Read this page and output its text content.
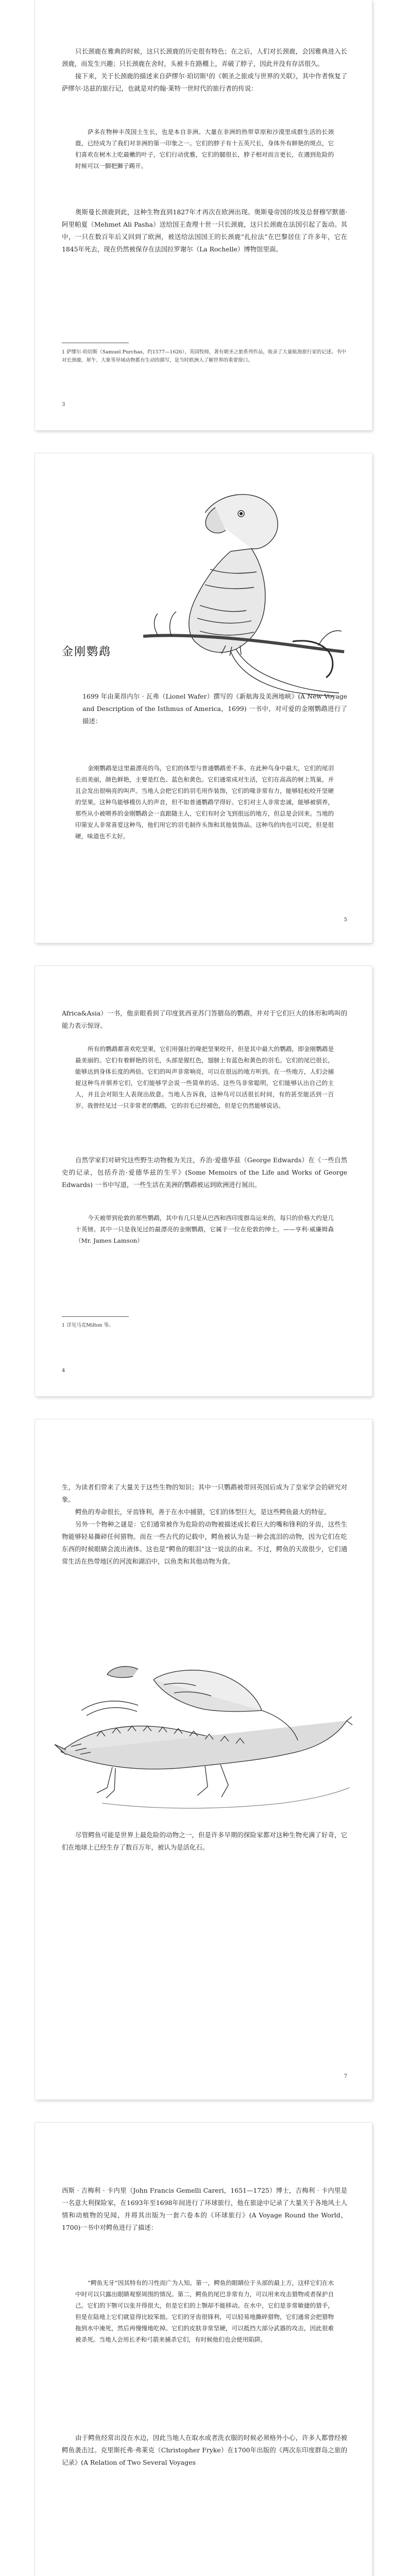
只长颈鹿在雅典的时候，这只长颈鹿的历史很有特色；在之后，人们对长颈鹿，会因雅典进入长颈鹿，而发生兴趣；只长颈鹿在舍时，头被卡在路棚上，弄破了脖子，因此并没有存活很久。

接下来，关于长颈鹿的描述来自萨缪尔·珀切斯¹的《朝圣之旅或与世界的关联》，其中作者恢复了萨缪尔·达兹的旅行记，也就是对约翰·莱特一世时代的旅行者的传说：

萨多在物种丰茂国土生长，也是本自非洲。大量在非洲的热带草原和沙漠里成群生活的长颈鹿，已经成为了我们对非洲的第一印象之一。它们的脖子有十五英尺长，身体外有鲜艳的斑点，它们喜欢在树木上吃最嫩的叶子，它们行动优雅，它们的腿很长，脖子相对而言更长，在遇到危险的时候可以一脚把狮子踢开。

奥斯曼长颈鹿到此，这种生物直到1827年才再次在欧洲出现。奥斯曼帝国的埃及总督穆罕默德·阿里帕夏（Mehmet Ali Pasha）送给国王查理十世一只长颈鹿，这只长颈鹿在法国引起了轰动。其中，一只在数百年后又回到了欧洲，被送给法国国王的长颈鹿“扎拉法”在巴黎居住了许多年，它在1845年死去，现在仍然被保存在法国拉罗谢尔（La Rochelle）博物馆里面。

1 萨缪尔·珀切斯（Samuel Purchas，约1577—1626），英国牧师，著有朝圣之旅系列作品，收录了大量航海旅行家的记述。书中对长颈鹿、犀牛、大象等异域动物都有生动的描写，是当时欧洲人了解世界的重要窗口。

3
金刚鹦鹉

1699 年由莱昂内尔 · 瓦弗（Lionel Wafer）撰写的《新航海及美洲地峡》(A New Voyage and Description of the Isthmus of America，1699) 一书中，对可爱的金刚鹦鹉进行了描述：

金刚鹦鹉是这里最漂亮的鸟，它们的体型与普通鹦鹉差不多。在此种鸟身中最大，它们的尾羽长而美丽，颜色鲜艳，主要是红色、蓝色和黄色。它们通常成对生活，它们在高高的树上筑巢，并且会发出很响亮的叫声。当地人会把它们的羽毛用作装饰，它们的喙非常有力，能够轻松咬开坚硬的坚果。这种鸟能够模仿人的声音，但不如普通鹦鹉学得好。它们对主人非常忠诚，能够被驯养，那些从小被喂养的金刚鹦鹉会一直跟随主人，它们有时会飞到很远的地方，但总是会回来。当地的印第安人非常喜爱这种鸟，他们用它的羽毛制作头饰和其他装饰品。这种鸟的肉也可以吃，但是很硬，味道也不太好。

5

Africa&Asia）一书，他亲眼看到了印度犹西亚苏门答腊岛的鹦鹉，并对于它们巨大的体形和鸣叫的能力表示惊讶。

所有的鹦鹉都喜欢吃坚果，它们用强壮的喙把坚果咬开，但是其中最大的鹦鹉，即金刚鹦鹉是最美丽的。它们有着鲜艳的羽毛，头部是猩红色，翅膀上有蓝色和黄色的羽毛。它们的尾巴很长，能够达到身体长度的两倍。它们的叫声非常响亮，可以在很远的地方听到。在一些地方，人们会捕捉这种鸟并驯养它们，它们能够学会说一些简单的话。这些鸟非常聪明，它们能够认出自己的主人，并且会对陌生人表现出敌意。当地人告诉我，这种鸟可以活很长时间，有的甚至能活到一百岁。我曾经见过一只非常老的鹦鹉，它的羽毛已经褪色，但是它仍然能够说话。

自然学家们对研究这些野生动物极为关注，乔治·爱德华兹（George Edwards）在《一些自然史的记录，包括乔治·爱德华兹的生平》(Some Memoirs of the Life and Works of George Edwards) 一书中写道，一些生活在美洲的鹦鹉被运到欧洲进行展出。

今天被带到伦敦的那些鹦鹉，其中有几只是从巴西和西印度群岛运来的，每只的价格大约是几十英镑。其中一只是我见过的最漂亮的金刚鹦鹉，它属于一位在伦敦的绅士。——亨利·威廉姆森（Mr. James Lamson）

1 详见马克Milton 等。

4

生，为读者们带来了大量关于这些生物的知识；其中一只鹦鹉被带回英国后成为了皇家学会的研究对象。

鳄鱼的寿命很长，牙齿锋利，善于在水中捕猎，它们的体型巨大，是这些鳄鱼最大的特征。

另外一个物种之谜是：它们通常被作为危险的动物被描述成长着巨大的嘴和锋利的牙齿，这些生物能够轻易撕碎任何猎物。而在一些古代的记载中，鳄鱼被认为是一种会流泪的动物，因为它们在吃东西的时候眼睛会流出液体。这也是“鳄鱼的眼泪”这一说法的由来。不过，鳄鱼的天敌很少，它们通常生活在热带地区的河流和湖泊中，以鱼类和其他动物为食。

尽管鳄鱼可能是世界上最危险的动物之一，但是许多早期的探险家都对这种生物充满了好奇，它们在地球上已经生存了数百万年，被认为是活化石。

7

西斯 · 吉梅利 · 卡内里（John Francis Gemelli Careri，1651—1725）博士，吉梅利 · 卡内里是一名意大利探险家，在1693年至1698年间进行了环球旅行，他在旅途中记录了大量关于各地风土人情和动植物的见闻，并将其出版为一套六卷本的《环球旅行》(A Voyage Round the World，1700)一书中对鳄鱼进行了描述：

“鳄鱼无牙”因其特有的习性而广为人知。第一，鳄鱼的眼睛位于头部的最上方，这样它们在水中时可以只露出眼睛观察周围的情况。第二，鳄鱼的尾巴非常有力，可以用来攻击猎物或者保护自己。它们的下颚可以张开得很大，但是它们的上颚却不能移动。在水中，它们是非常敏捷的猎手，但是在陆地上它们就显得比较笨拙。它们的牙齿很锋利，可以轻易地撕碎猎物，它们通常会把猎物拖到水中淹死，然后再慢慢地吃掉。它们的皮肤非常坚硬，可以抵挡大部分武器的攻击，因此很难被杀死。当地人会用长矛和弓箭来捕杀它们，有时候他们也会使用陷阱。

由于鳄鱼经常出没在水边，因此当地人在取水或者洗衣服的时候必须格外小心，许多人都曾经被鳄鱼袭击过。克里斯托弗·弗莱克（Christopher Fryke）在1700年出版的《两次东印度群岛之旅的记录》(A Relation of Two Several Voyages
